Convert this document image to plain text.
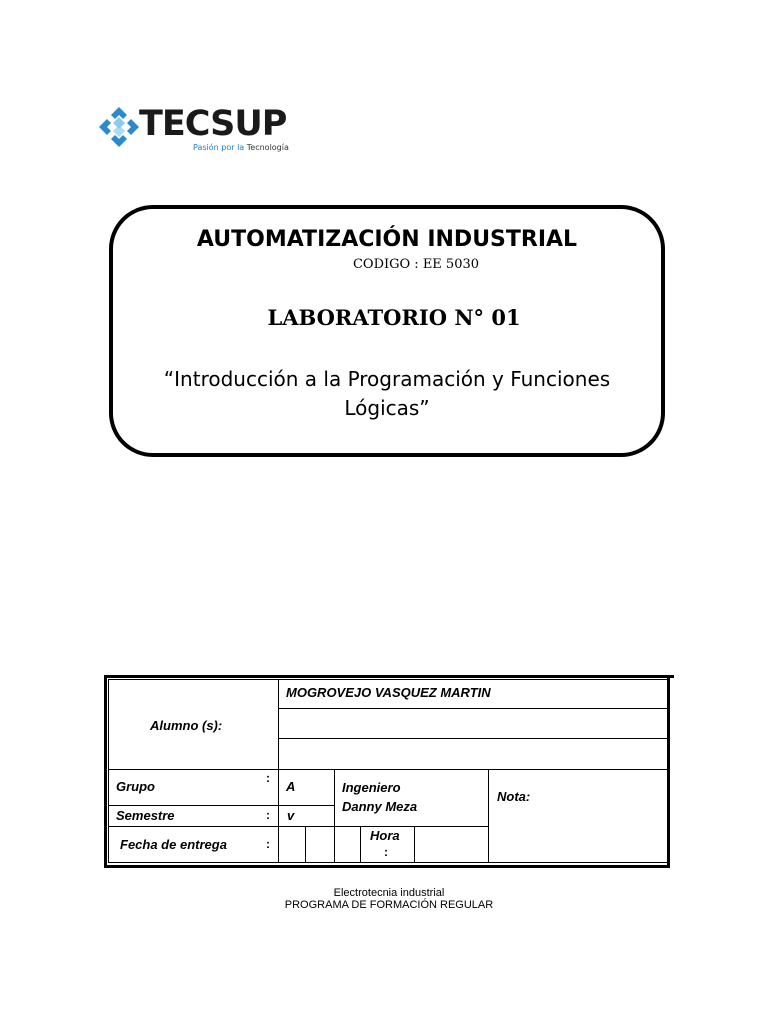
TECSUP
Pasión por la Tecnología
AUTOMATIZACIÓN INDUSTRIAL
CODIGO : EE 5030
LABORATORIO N° 01
“Introducción a la Programación y Funciones
Lógicas”
Alumno (s):
MOGROVEJO VASQUEZ MARTIN
Grupo
:
A
Semestre	: v
Fecha de entrega	:
Ingeniero
Danny Meza
Nota:
Hora
:
Electrotecnia industrial
PROGRAMA DE FORMACIÓN REGULAR
